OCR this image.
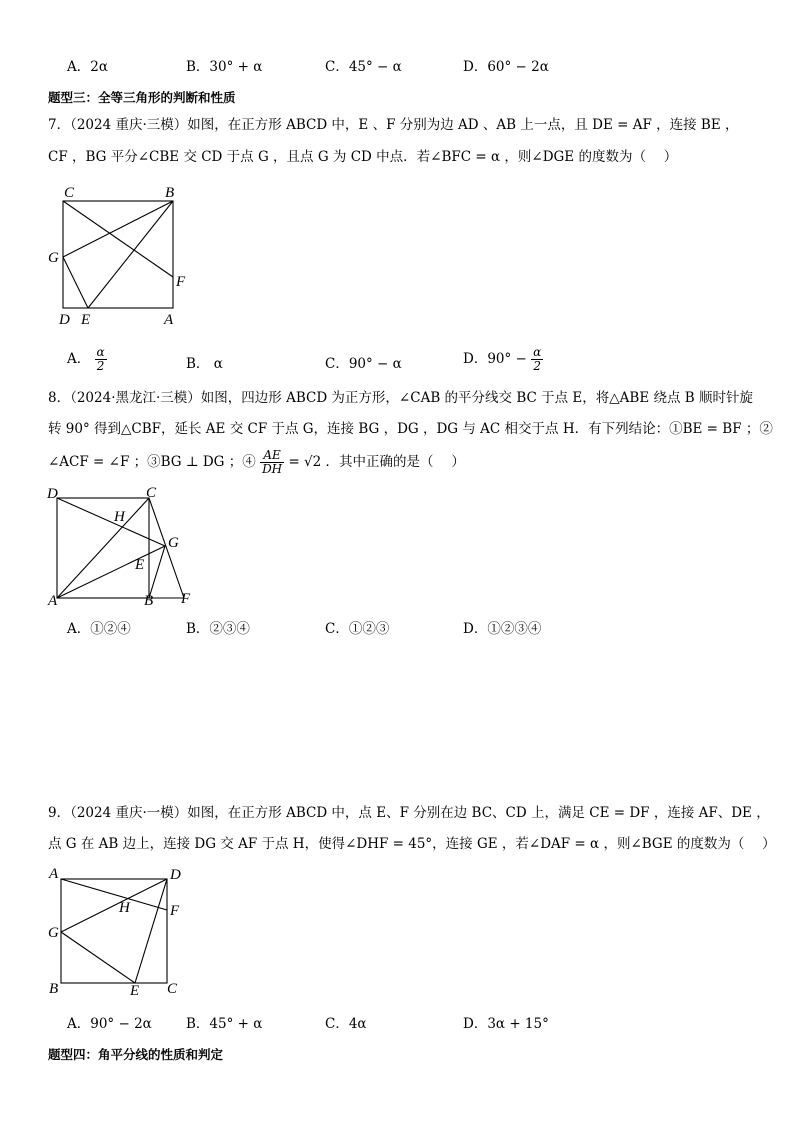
A．2α	B．30° + α	C．45° − α	D．60° − 2α
题型三：全等三角形的判断和性质
7．（2024 重庆·三模）如图，在正方形 ABCD 中，E 、F 分别为边 AD 、AB 上一点，且 DE = AF ，连接 BE ，
CF ，BG 平分∠CBE 交 CD 于点 G ，且点 G 为 CD 中点．若∠BFC = α ，则∠DGE 的度数为（　 ）
C	B
G
F
D E	A
A． $\frac{\alpha}{2}$	B． α	C．90° − α	D．$90^\circ - \frac{\alpha}{2}$
8．（2024·黑龙江·三模）如图，四边形 ABCD 为正方形，∠CAB 的平分线交 BC 于点 E，将△ABE 绕点 B 顺时针旋
转 90° 得到△CBF，延长 AE 交 CF 于点 G，连接 BG ，DG ，DG 与 AC 相交于点 H．有下列结论：①BE = BF ；②
∠ACF = ∠F ；③BG ⊥ DG ；④ $\frac{AE}{DH} = √2$ ．其中正确的是（　 ）
D	C
H
G
E
A	B F
A．①②④	B．②③④	C．①②③	D．①②③④
9．（2024 重庆·一模）如图，在正方形 ABCD 中，点 E、F 分别在边 BC、CD 上，满足 CE = DF ，连接 AF、DE ，
点 G 在 AB 边上，连接 DG 交 AF 于点 H，使得∠DHF = 45°，连接 GE ，若∠DAF = α ，则∠BGE 的度数为（　 ）
A	D
H	F
G
B	E C
A．90° − 2α	B．45° + α	C．4α	D．3α + 15°
题型四：角平分线的性质和判定
